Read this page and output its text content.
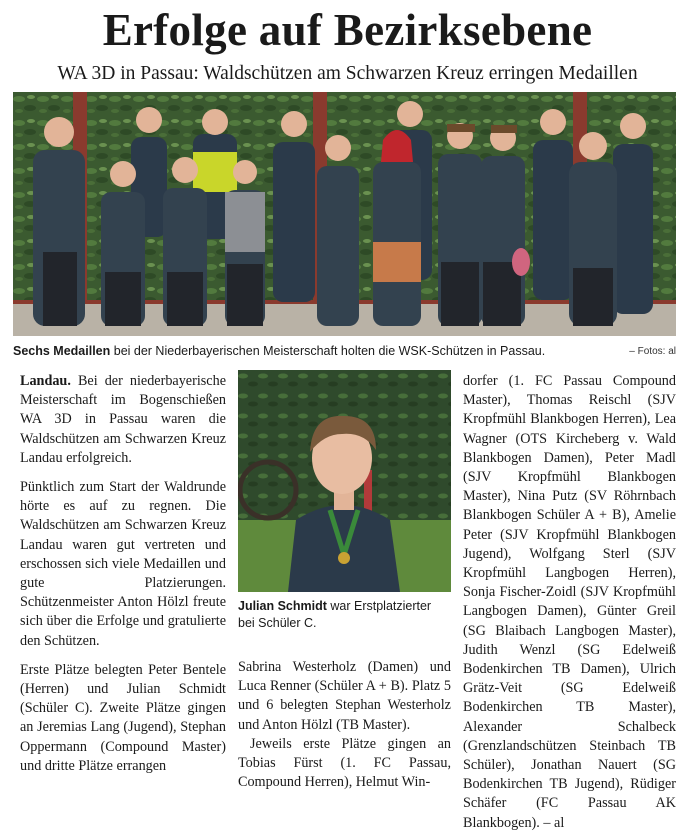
Erfolge auf Bezirksebene
WA 3D in Passau: Waldschützen am Schwarzen Kreuz erringen Medaillen
Sechs Medaillen bei der Niederbayerischen Meisterschaft holten die WSK-Schützen in Passau.	– Fotos: al

Landau. Bei der niederbayerische Meisterschaft im Bogenschießen WA 3D in Passau waren die Waldschützen am Schwarzen Kreuz Landau erfolgreich.

Pünktlich zum Start der Waldrunde hörte es auf zu regnen. Die Waldschützen am Schwarzen Kreuz Landau waren gut vertreten und erschossen sich viele Medaillen und gute Platzierungen. Schützenmeister Anton Hölzl freute sich über die Erfolge und gratulierte den Schützen.

Erste Plätze belegten Peter Bentele (Herren) und Julian Schmidt (Schüler C). Zweite Plätze gingen an Jeremias Lang (Jugend), Stephan Oppermann (Compound Master) und dritte Plätze errangen

Julian Schmidt war Erstplatzierter bei Schüler C.

Sabrina Westerholz (Damen) und Luca Renner (Schüler A + B). Platz 5 und 6 belegten Stephan Westerholz und Anton Hölzl (TB Master).

Jeweils erste Plätze gingen an Tobias Fürst (1. FC Passau, Compound Herren), Helmut Win-

dorfer (1. FC Passau Compound Master), Thomas Reischl (SJV Kropfmühl Blankbogen Herren), Lea Wagner (OTS Kircheberg v. Wald Blankbogen Damen), Peter Madl (SJV Kropfmühl Blankbogen Master), Nina Putz (SV Röhrnbach Blankbogen Schüler A + B), Amelie Peter (SJV Kropfmühl Blankbogen Jugend), Wolfgang Sterl (SJV Kropfmühl Langbogen Herren), Sonja Fischer-Zoidl (SJV Kropfmühl Langbogen Damen), Günter Greil (SG Blaibach Langbogen Master), Judith Wenzl (SG Edelweiß Bodenkirchen TB Damen), Ulrich Grätz-Veit (SG Edelweiß Bodenkirchen TB Master), Alexander Schalbeck (Grenzlandschützen Steinbach TB Schüler), Jonathan Nauert (SG Bodenkirchen TB Jugend), Rüdiger Schäfer (FC Passau AK Blankbogen). – al
